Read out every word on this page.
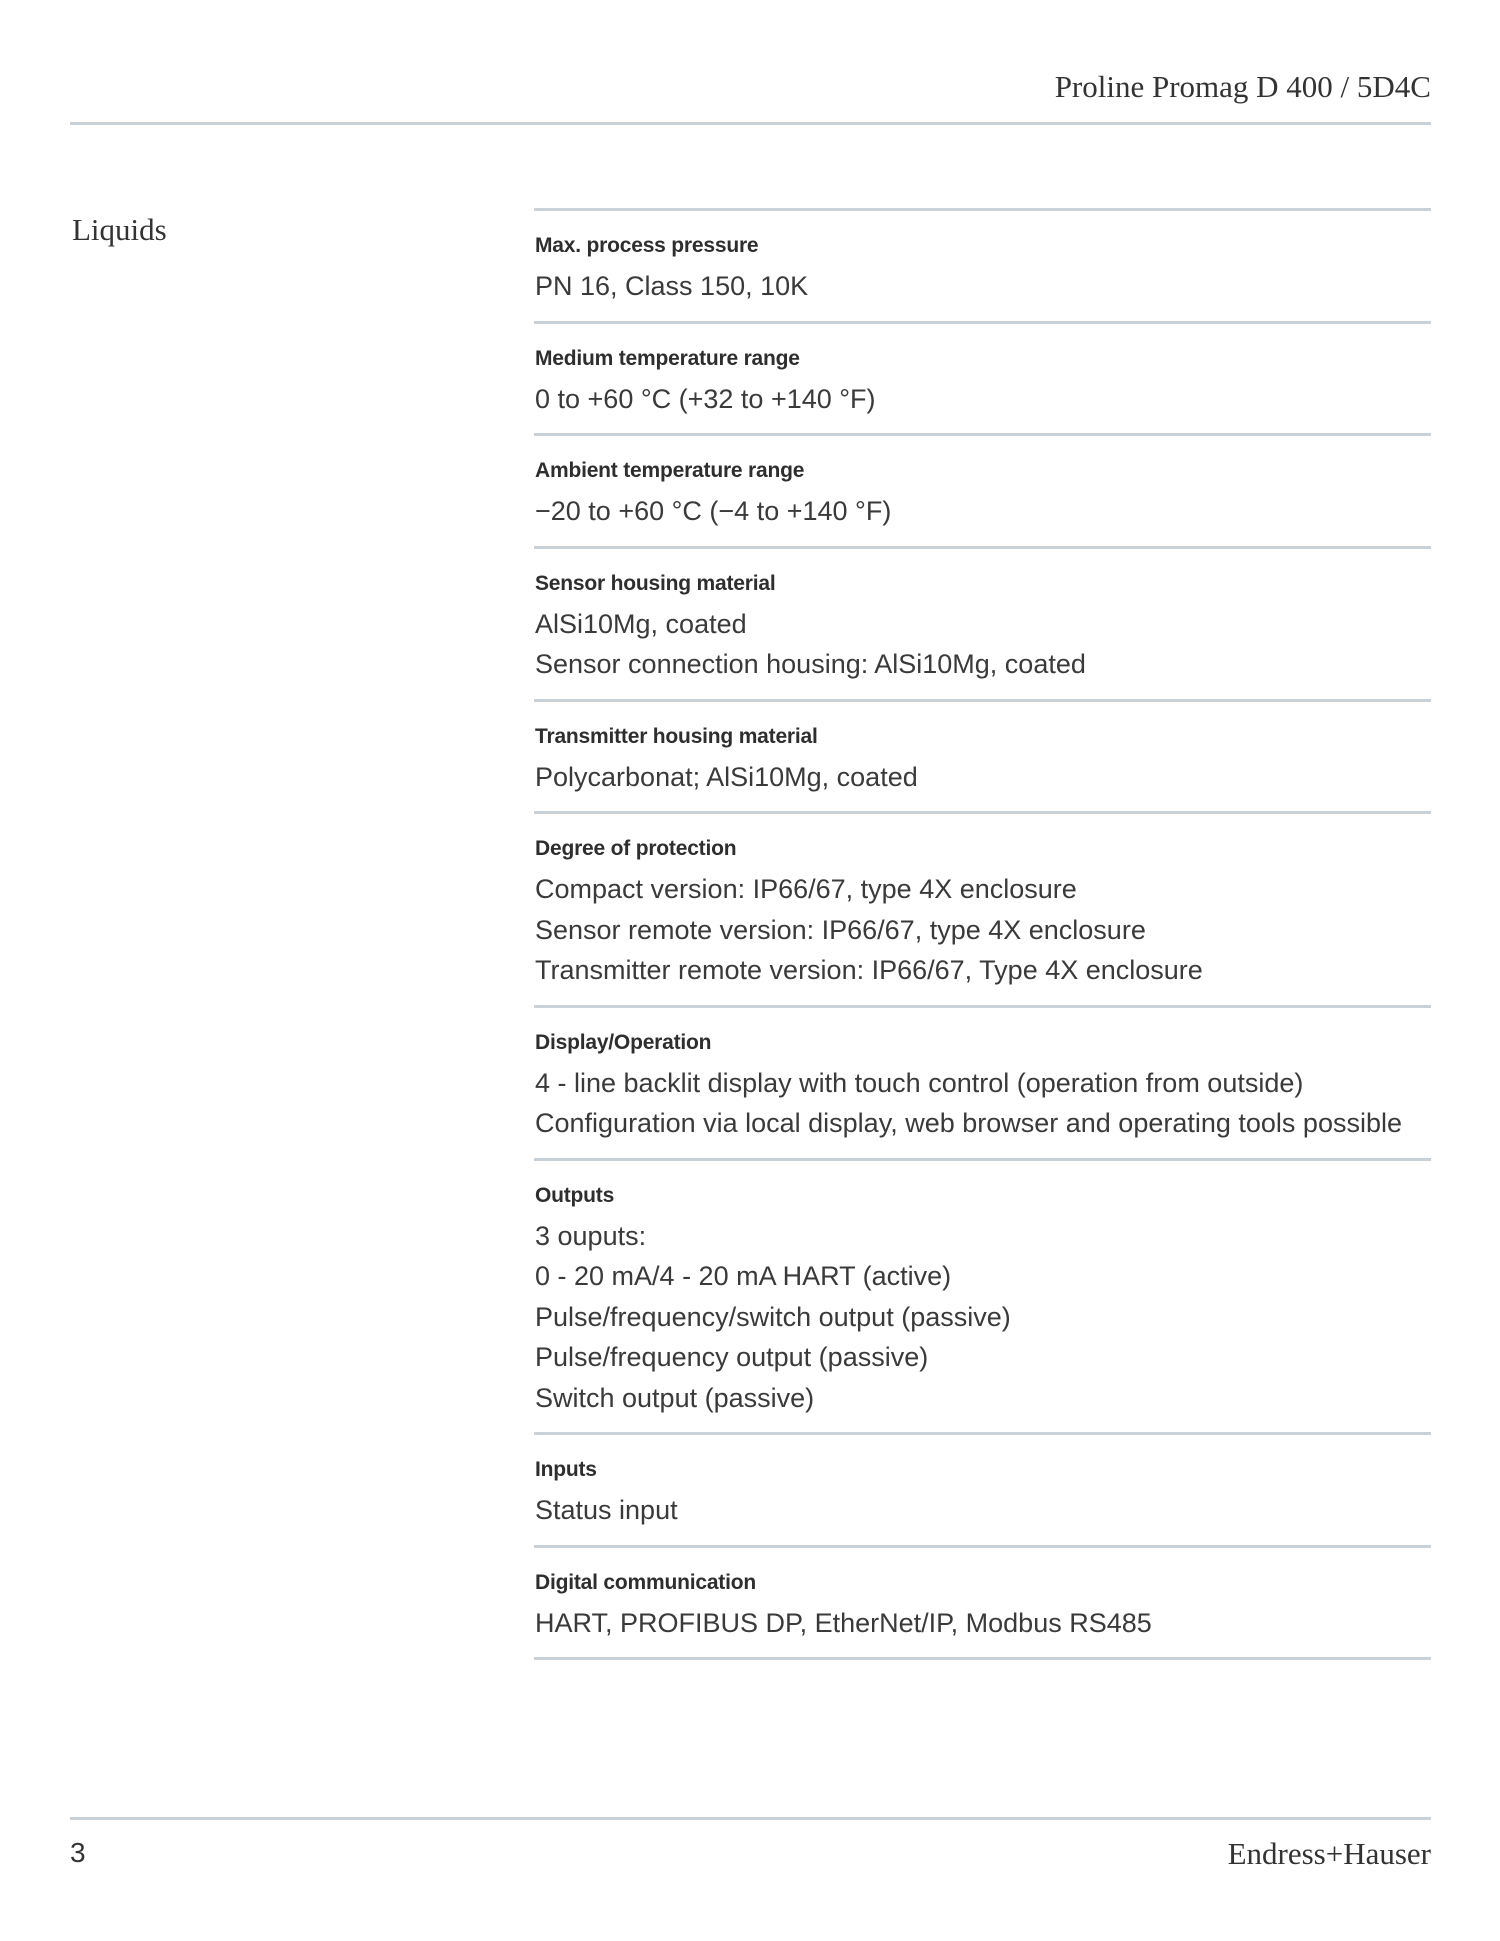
Proline Promag D 400 / 5D4C
Liquids	Max. process pressure
PN 16, Class 150, 10K
Medium temperature range
0 to +60 °C (+32 to +140 °F)
Ambient temperature range
−20 to +60 °C (−4 to +140 °F)
Sensor housing material
AlSi10Mg, coated
Sensor connection housing: AlSi10Mg, coated
Transmitter housing material
Polycarbonat; AlSi10Mg, coated
Degree of protection
Compact version: IP66/67, type 4X enclosure
Sensor remote version: IP66/67, type 4X enclosure
Transmitter remote version: IP66/67, Type 4X enclosure
Display/Operation
4 - line backlit display with touch control (operation from outside)
Configuration via local display, web browser and operating tools possible
Outputs
3 ouputs:
0 - 20 mA/4 - 20 mA HART (active)
Pulse/frequency/switch output (passive)
Pulse/frequency output (passive)
Switch output (passive)
Inputs
Status input
Digital communication
HART, PROFIBUS DP, EtherNet/IP, Modbus RS485
3	Endress+Hauser
